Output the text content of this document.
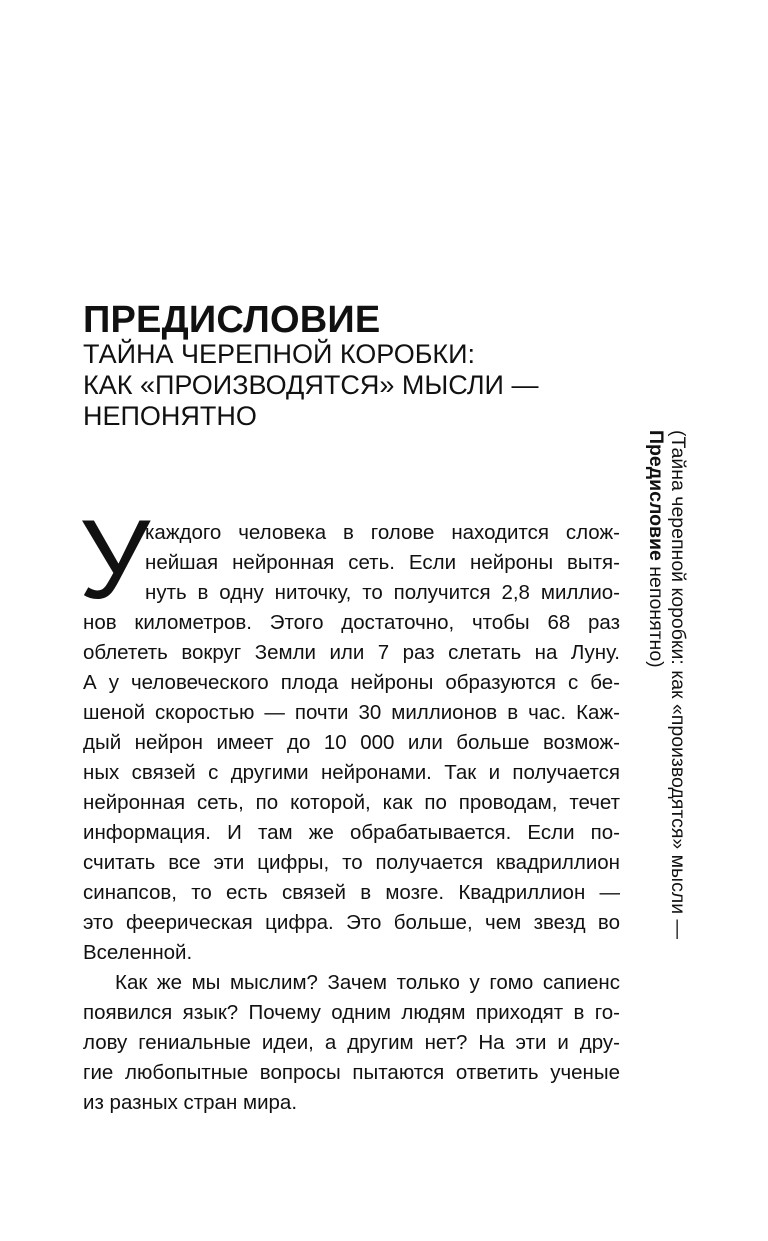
ПРЕДИСЛОВИЕ
ТАЙНА ЧЕРЕПНОЙ КОРОБКИ:
КАК «ПРОИЗВОДЯТСЯ» МЫСЛИ —
НЕПОНЯТНО
У

каждого человека в голове находится слож-
нейшая нейронная сеть. Если нейроны вытя-
нуть в одну ниточку, то получится 2,8 миллио-
нов километров. Этого достаточно, чтобы 68 раз
облететь вокруг Земли или 7 раз слетать на Луну.
А у человеческого плода нейроны образуются с бе-
шеной скоростью — почти 30 миллионов в час. Каж-
дый нейрон имеет до 10 000 или больше возмож-
ных связей с другими нейронами. Так и получается
нейронная сеть, по которой, как по проводам, течет
информация. И там же обрабатывается. Если по-
считать все эти цифры, то получается квадриллион
синапсов, то есть связей в мозге. Квадриллион —
это феерическая цифра. Это больше, чем звезд во
Вселенной.

Как же мы мыслим? Зачем только у гомо сапиенс
появился язык? Почему одним людям приходят в го-
лову гениальные идеи, а другим нет? На эти и дру-
гие любопытные вопросы пытаются ответить ученые
из разных стран мира.

(Тайна черепной коробки: как «производятся» мысли —
Предисловие непонятно)
